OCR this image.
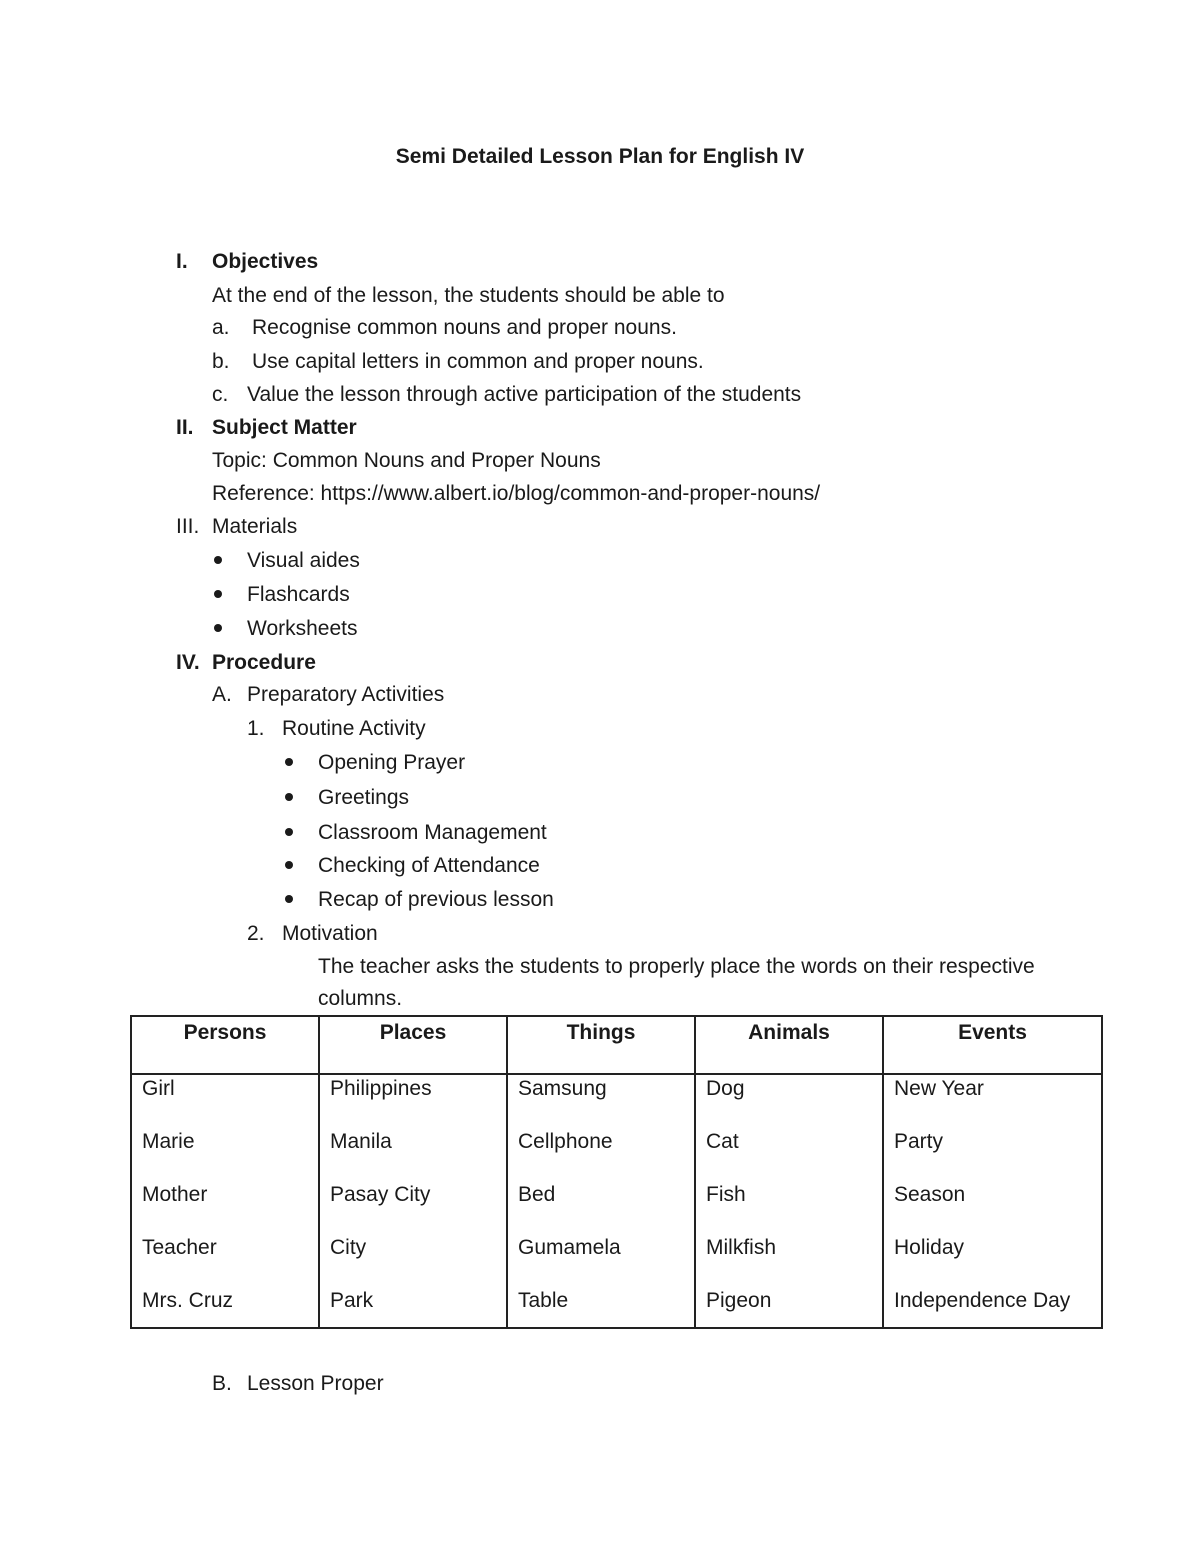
Semi Detailed Lesson Plan for English IV
I. Objectives
At the end of the lesson, the students should be able to
a. Recognise common nouns and proper nouns.
b. Use capital letters in common and proper nouns.
c. Value the lesson through active participation of the students
II. Subject Matter
Topic: Common Nouns and Proper Nouns
Reference: https://www.albert.io/blog/common-and-proper-nouns/
III. Materials
Visual aides
Flashcards
Worksheets
IV. Procedure
A. Preparatory Activities
1. Routine Activity
Opening Prayer
Greetings
Classroom Management
Checking of Attendance
Recap of previous lesson
2. Motivation
The teacher asks the students to properly place the words on their respective
columns.
Persons	Places	Things	Animals	Events
Girl	Philippines	Samsung	Dog	New Year
Marie	Manila	Cellphone	Cat	Party
Mother	Pasay City	Bed	Fish	Season
Teacher	City	Gumamela	Milkfish	Holiday
Mrs. Cruz	Park	Table	Pigeon	Independence Day
B. Lesson Proper
